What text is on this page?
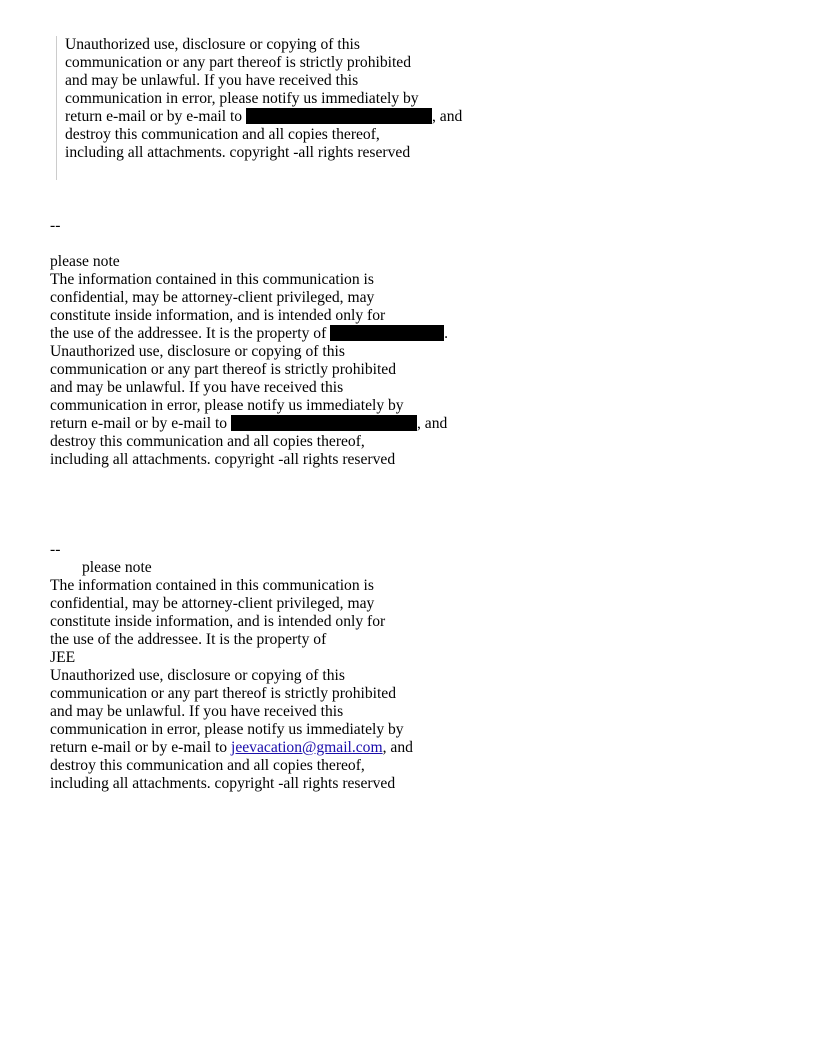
Unauthorized use, disclosure or copying of this
communication or any part thereof is strictly prohibited
and may be unlawful. If you have received this
communication in error, please notify us immediately by
return e-mail or by e-mail to	, and
destroy this communication and all copies thereof,
including all attachments. copyright -all rights reserved
--
please note
The information contained in this communication is
confidential, may be attorney-client privileged, may
constitute inside information, and is intended only for
the use of the addressee. It is the property of	.
Unauthorized use, disclosure or copying of this
communication or any part thereof is strictly prohibited
and may be unlawful. If you have received this
communication in error, please notify us immediately by
return e-mail or by e-mail to	, and
destroy this communication and all copies thereof,
including all attachments. copyright -all rights reserved
--
please note
The information contained in this communication is
confidential, may be attorney-client privileged, may
constitute inside information, and is intended only for
the use of the addressee. It is the property of
JEE
Unauthorized use, disclosure or copying of this
communication or any part thereof is strictly prohibited
and may be unlawful. If you have received this
communication in error, please notify us immediately by
return e-mail or by e-mail to jeevacation@gmail.com, and
destroy this communication and all copies thereof,
including all attachments. copyright -all rights reserved
